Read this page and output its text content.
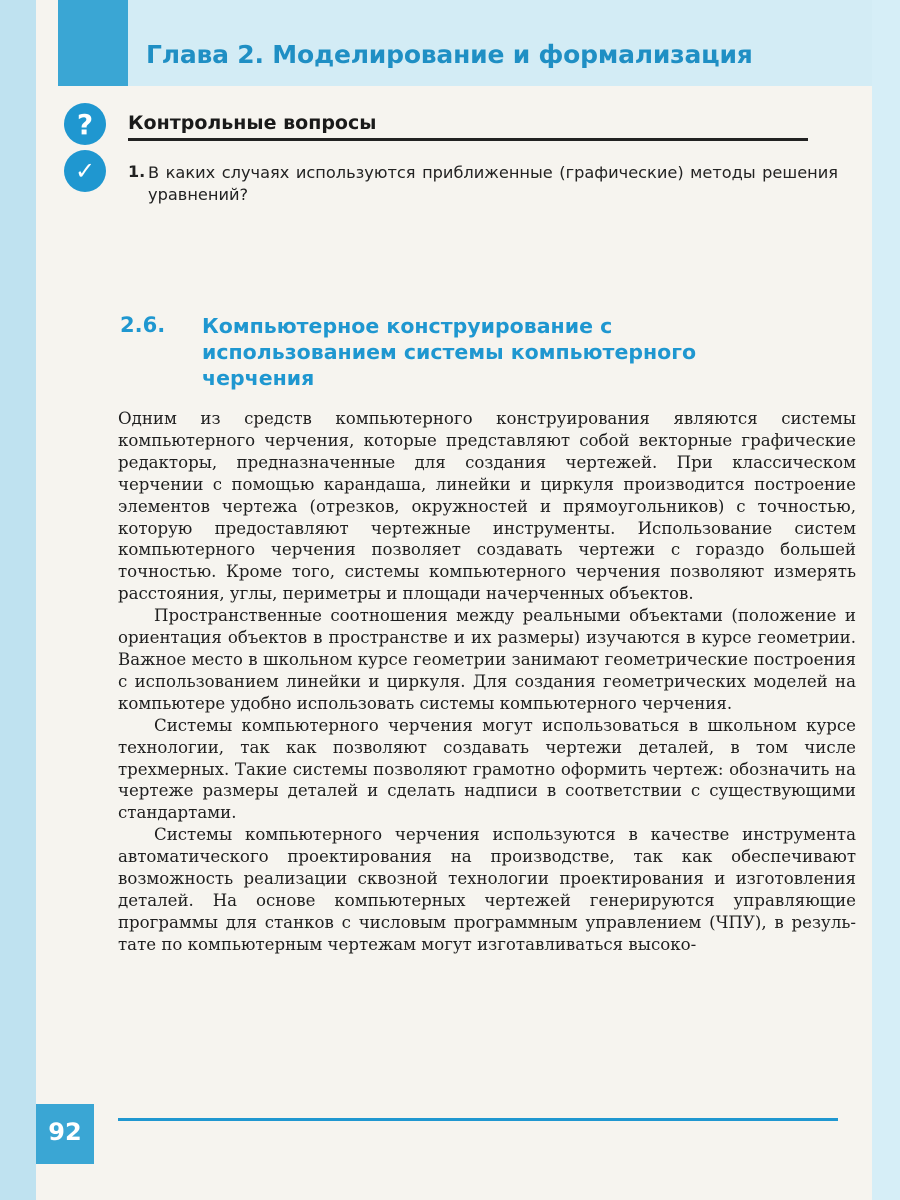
Глава 2. Моделирование и формализация
?
✓
Контрольные вопросы
1. В каких случаях используются приближенные (графические) методы решения уравнений?
2.6. Компьютерное конструирование с использованием системы компьютерного черчения

Одним из средств компьютерного конструирования являются системы компьютерного черчения, которые представляют собой векторные графические редакторы, предназначенные для создания чертежей. При классическом черчении с помощью карандаша, линейки и циркуля производится построение элементов чертежа (отрезков, окружностей и прямоугольников) с точностью, которую предоставляют чертежные инструменты. Использование систем компьютерного черчения позволяет создавать чертежи с гораздо большей точностью. Кроме того, системы компьютерного черчения позволяют измерять расстояния, углы, периметры и площади начерченных объектов.

Пространственные соотношения между реальными объектами (положение и ориентация объектов в пространстве и их размеры) изучаются в курсе геометрии. Важное место в школьном курсе геометрии занимают геометрические построения с использованием линейки и циркуля. Для создания геометрических моделей на компьютере удобно использовать системы компьютерного черчения.

Системы компьютерного черчения могут использоваться в школьном курсе технологии, так как позволяют создавать чертежи деталей, в том числе трехмерных. Такие системы позволяют грамотно оформить чертеж: обозначить на чертеже размеры деталей и сделать надписи в соответствии с существующими стандартами.

Системы компьютерного черчения используются в качестве инструмента автоматического проектирования на производстве, так как обеспечивают возможность реализации сквозной технологии проектирования и изготовления деталей. На основе компьютерных чертежей генерируются управляющие программы для станков с числовым программным управлением (ЧПУ), в результате по компьютерным чертежам могут изготавливаться высоко-

92
